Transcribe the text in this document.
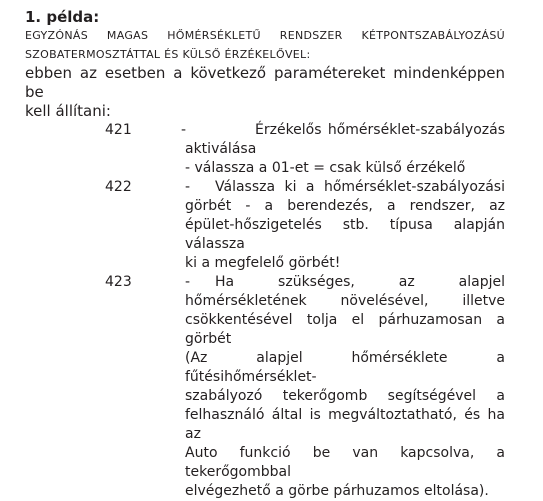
1. példa:

EGYZÓNÁS MAGAS HŐMÉRSÉKLETŰ RENDSZER KÉTPONTSZABÁLYOZÁSÚ
SZOBATERMOSZTÁTTAL ÉS KÜLSŐ ÉRZÉKELŐVEL:

ebben az esetben a következő paramétereket mindenképpen be
kell állítani:

421	-	Érzékelős hőmérséklet-szabályozás
aktiválása
- válassza a 01-et = csak külső érzékelő
422	- Válassza ki a hőmérséklet-szabályozási
görbét - a berendezés, a rendszer, az
épület-hőszigetelés stb. típusa alapján válassza
ki a megfelelő görbét!
423	- Ha szükséges, az alapjel
hőmérsékletének növelésével, illetve
csökkentésével tolja el párhuzamosan a görbét
(Az alapjel hőmérséklete a fűtésihőmérséklet-
szabályozó tekerőgomb segítségével a
felhasználó által is megváltoztatható, és ha az
Auto funkció be van kapcsolva, a tekerőgombbal
elvégezhető a görbe párhuzamos eltolása).
